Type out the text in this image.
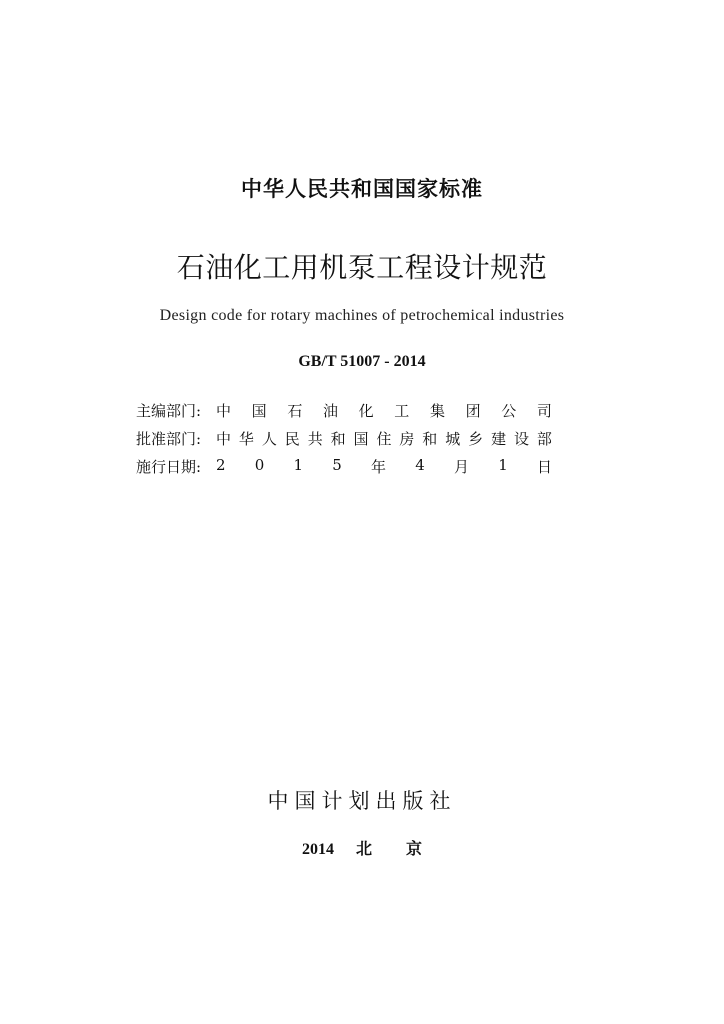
中华人民共和国国家标准
石油化工用机泵工程设计规范
Design code for rotary machines of petrochemical industries
GB/T 51007 - 2014
主编部门: 中 国 石 油 化 工 集 团 公 司
批准部门: 中 华 人 民 共 和 国 住 房 和 城 乡 建 设 部
施行日期: 2 0 1 5 年 4 月 1 日
中国计划出版社
2014 北 京
